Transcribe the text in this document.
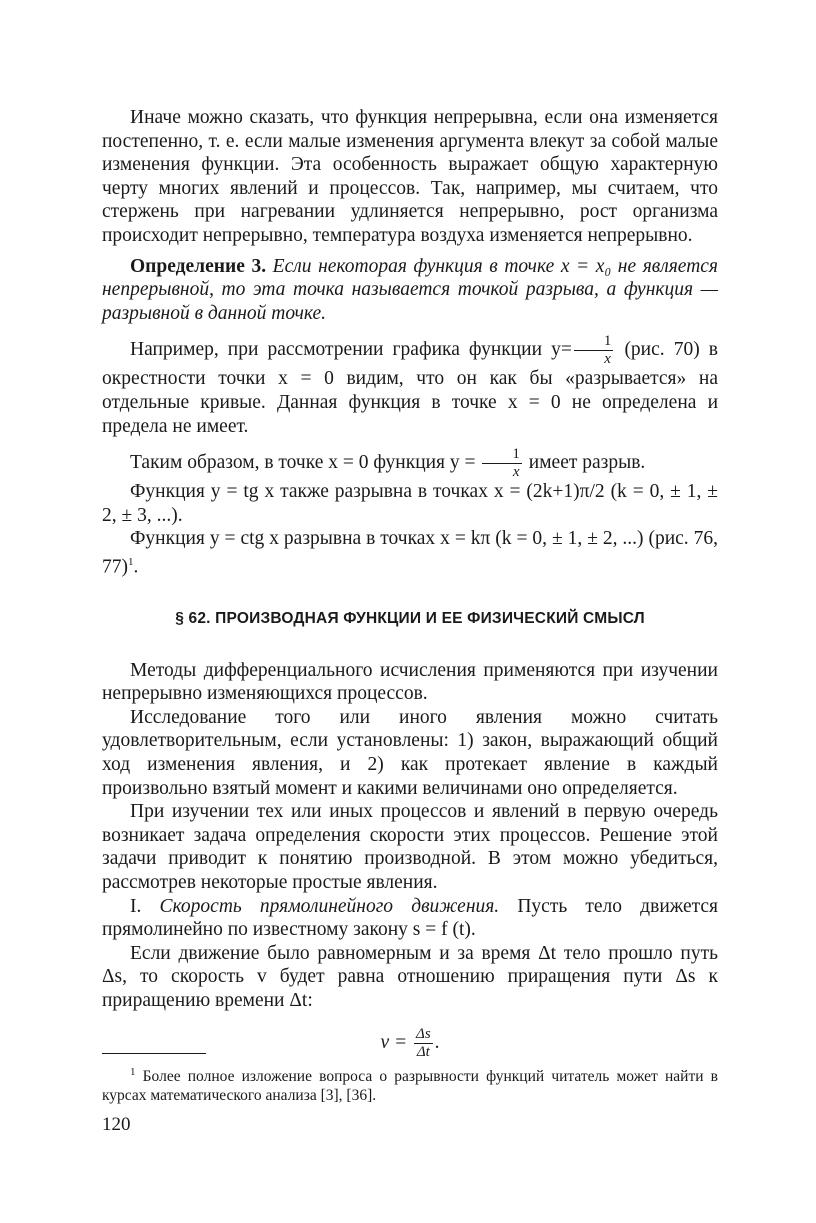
Иначе можно сказать, что функция непрерывна, если она изменяется постепенно, т. е. если малые изменения аргумента влекут за собой малые изменения функции. Эта особенность выражает общую характерную черту многих явлений и процессов. Так, например, мы считаем, что стержень при нагревании удлиняется непрерывно, рост организма происходит непрерывно, температура воздуха изменяется непрерывно.

Определение 3. Если некоторая функция в точке x = x₀ не является непрерывной, то эта точка называется точкой разрыва, а функция — разрывной в данной точке.

Например, при рассмотрении графика функции $y= \frac{1}{x} (рис$. 70) в окрестности точки x = 0 видим, что он как бы «разрывается» на отдельные кривые. Данная функция в точке x = 0 не определена и предела не имеет.

Таким образом, в точке x = 0 функция $y = \frac{1}{x}$ имеет разрыв.

Функция y = tg x также разрывна в точках x = (2k+1)π/2 (k = 0, ± 1, ± 2, ± 3, ...).

Функция y = ctg x разрывна в точках x = kπ (k = 0, ± 1, ± 2, ...) (рис. 76, 77)$^1$.

§ 62. ПРОИЗВОДНАЯ ФУНКЦИИ И ЕЕ ФИЗИЧЕСКИЙ СМЫСЛ

Методы дифференциального исчисления применяются при изучении непрерывно изменяющихся процессов.

Исследование того или иного явления можно считать удовлетворительным, если установлены: 1) закон, выражающий общий ход изменения явления, и 2) как протекает явление в каждый произвольно взятый момент и какими величинами оно определяется.

При изучении тех или иных процессов и явлений в первую очередь возникает задача определения скорости этих процессов. Решение этой задачи приводит к понятию производной. В этом можно убедиться, рассмотрев некоторые простые явления.

I. Скорость прямолинейного движения. Пусть тело движется прямолинейно по известному закону s = f (t).

Если движение было равномерным и за время Δt тело прошло путь Δs, то скорость v будет равна отношению приращения пути Δs к приращению времени Δt:

$v = \frac{\Delta s}{\Delta t}$ .

$^1$ Более полное изложение вопроса о разрывности функций читатель может найти в курсах математического анализа [3], [36].

120
